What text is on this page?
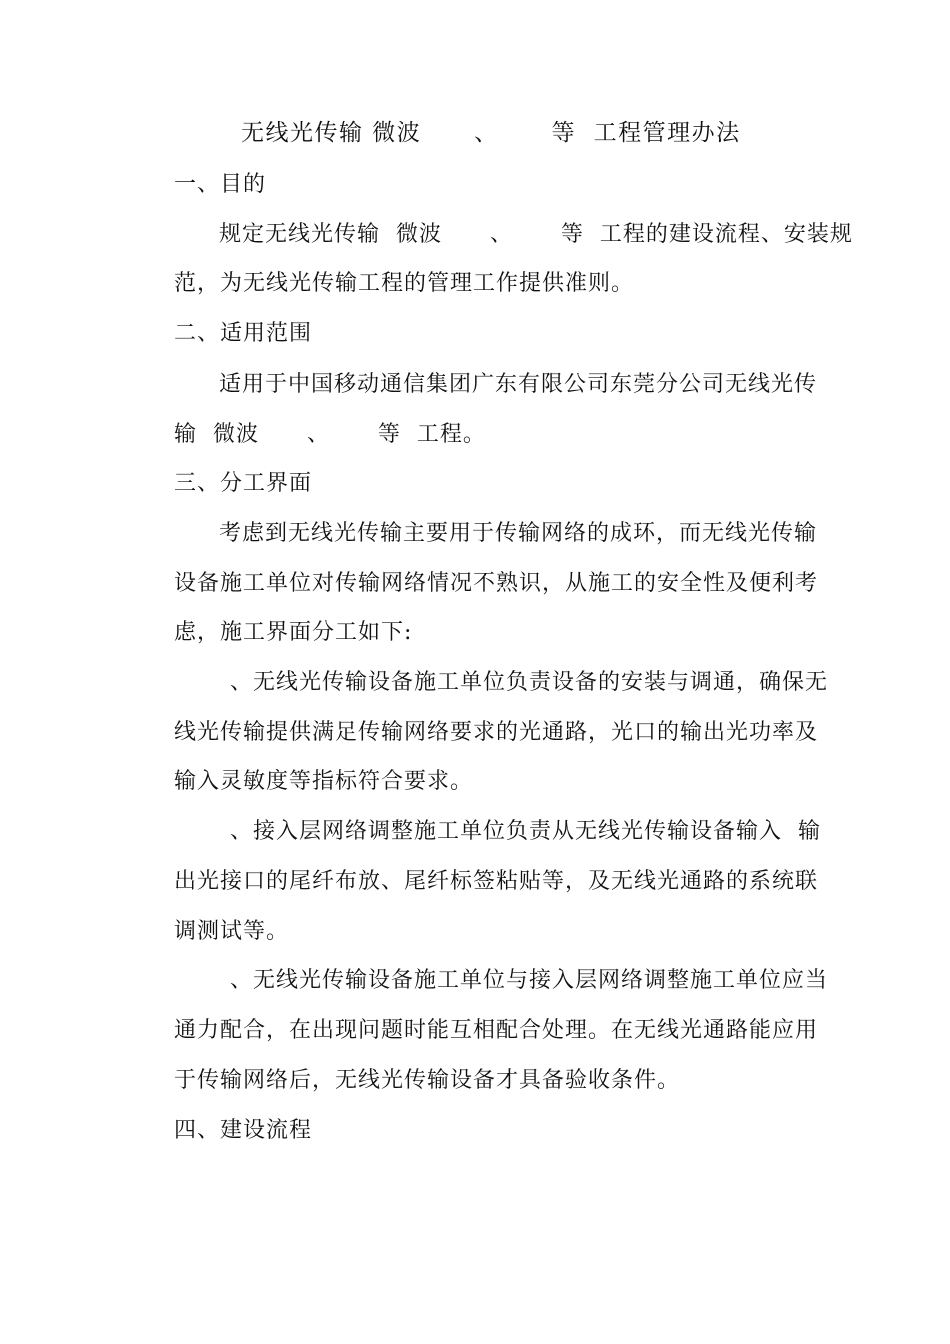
无线光传输 微波      、      等  工程管理办法
一、目的
规定无线光传输  微波      、      等  工程的建设流程、安装规
范，为无线光传输工程的管理工作提供准则。
二、适用范围
适用于中国移动通信集团广东有限公司东莞分公司无线光传
输  微波      、      等  工程。
三、分工界面
考虑到无线光传输主要用于传输网络的成环，而无线光传输
设备施工单位对传输网络情况不熟识，从施工的安全性及便利考
虑，施工界面分工如下:
、无线光传输设备施工单位负责设备的安装与调通，确保无
线光传输提供满足传输网络要求的光通路，光口的输出光功率及
输入灵敏度等指标符合要求。
、接入层网络调整施工单位负责从无线光传输设备输入  输
出光接口的尾纤布放、尾纤标签粘贴等，及无线光通路的系统联
调测试等。
、无线光传输设备施工单位与接入层网络调整施工单位应当
通力配合，在出现问题时能互相配合处理。在无线光通路能应用
于传输网络后，无线光传输设备才具备验收条件。
四、建设流程
